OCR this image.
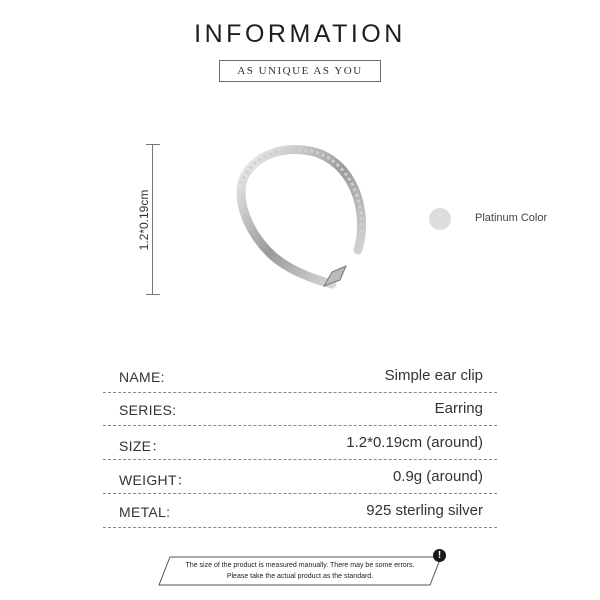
INFORMATION
AS UNIQUE AS YOU
1.2*0.19cm	Platinum Color
NAME:	Simple ear clip
SERIES:	Earring
SIZE：	1.2*0.19cm (around)
WEIGHT：	0.9g (around)
METAL:	925 sterling silver
The size of the product is measured manually. There may be some errors.
Please take the actual product as the standard.
!
